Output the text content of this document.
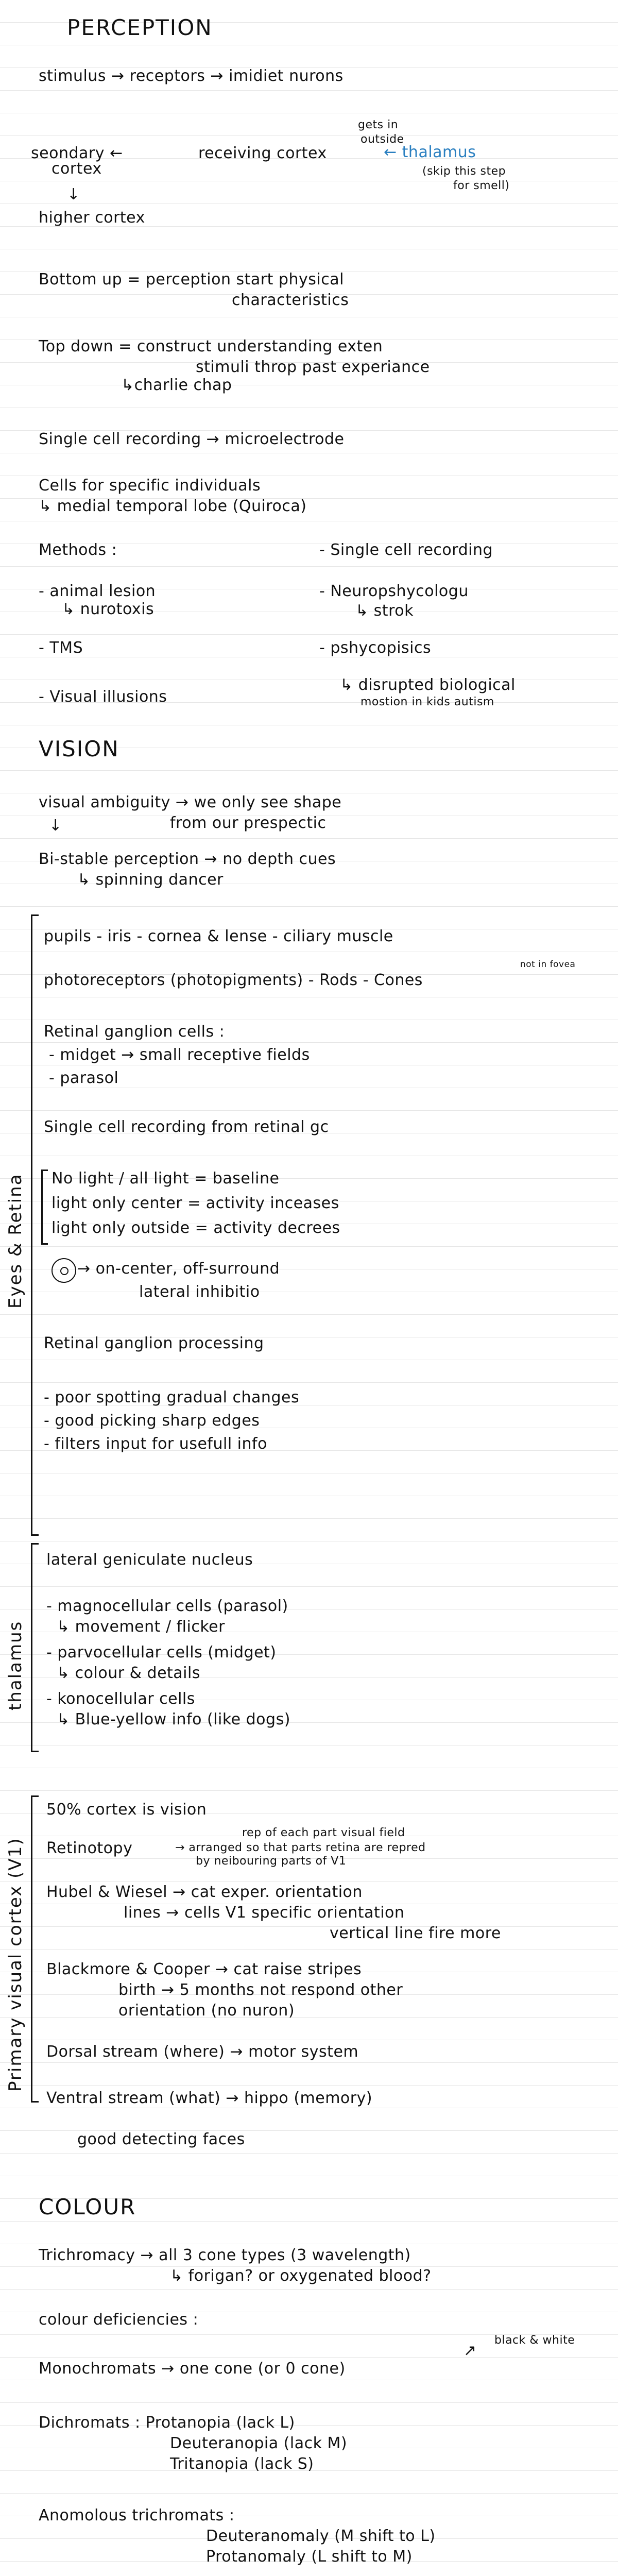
PERCEPTION
stimulus → receptors → imidiet nurons
gets in
outside
seondary ←	receiving cortex
cortex
← thalamus
(skip this step
for smell)
↓
higher cortex
Bottom up = perception start physical
characteristics
Top down = construct understanding exten
stimuli throp past experiance
↳charlie chap
Single cell recording → microelectrode
Cells for specific individuals
↳ medial temporal lobe (Quiroca)
Methods :	- Single cell recording
- animal lesion	- Neuropshycologu
↳ nurotoxis	↳ strok
- TMS	- pshycopisics
- Visual illusions
↳ disrupted biological
mostion in kids autism
VISION
visual ambiguity → we only see shape
from our prespectic
↓
Bi-stable perception → no depth cues
↳ spinning dancer
Eyes & Retina
pupils - iris - cornea & lense - ciliary muscle
not in fovea
photoreceptors (photopigments) - Rods - Cones
Retinal ganglion cells :
- midget → small receptive fields
- parasol
Single cell recording from retinal gc
No light / all light = baseline
light only center = activity inceases
light only outside = activity decrees
→ on-center, off-surround
lateral inhibitio
Retinal ganglion processing
- poor spotting gradual changes
- good picking sharp edges
- filters input for usefull info
thalamus
lateral geniculate nucleus
- magnocellular cells (parasol)
↳ movement / flicker
- parvocellular cells (midget)
↳ colour & details
- konocellular cells
↳ Blue-yellow info (like dogs)
Primary visual cortex (V1)
50% cortex is vision
rep of each part visual field
Retinotopy	→ arranged so that parts retina are repred
by neibouring parts of V1
Hubel & Wiesel → cat exper. orientation
lines → cells V1 specific orientation
vertical line fire more
Blackmore & Cooper → cat raise stripes
birth → 5 months not respond other
orientation (no nuron)
Dorsal stream (where) → motor system
Ventral stream (what) → hippo (memory)
good detecting faces
COLOUR
Trichromacy → all 3 cone types (3 wavelength)
↳ forigan? or oxygenated blood?
colour deficiencies :
black & white
↗
Monochromats → one cone (or 0 cone)
Dichromats : Protanopia (lack L)
Deuteranopia (lack M)
Tritanopia (lack S)
Anomolous trichromats :
Deuteranomaly (M shift to L)
Protanomaly (L shift to M)
